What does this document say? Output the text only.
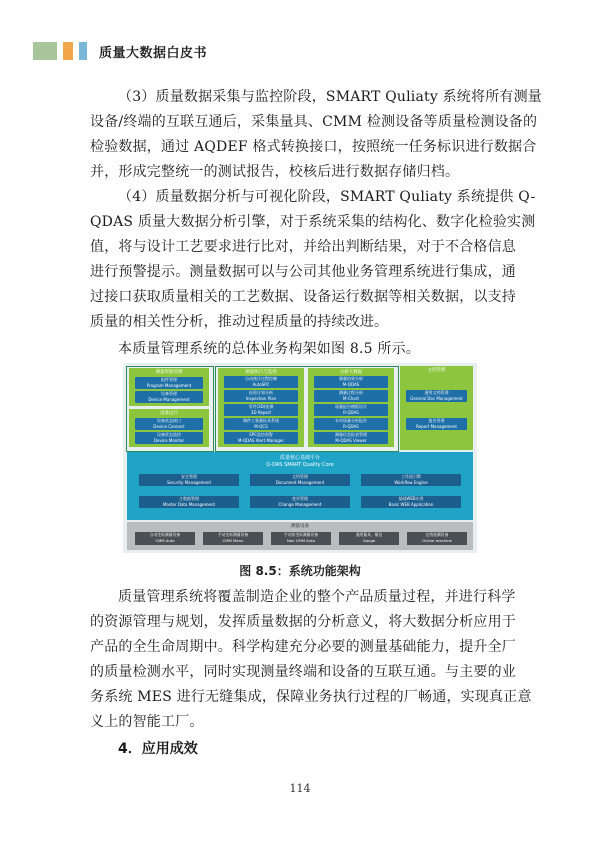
质量大数据白皮书
（3）质量数据采集与监控阶段，SMART Quliaty 系统将所有测量
设备/终端的互联互通后，采集量具、CMM 检测设备等质量检测设备的
检验数据，通过 AQDEF 格式转换接口，按照统一任务标识进行数据合
并，形成完整统一的测试报告，校核后进行数据存储归档。
（4）质量数据分析与可视化阶段，SMART Quliaty 系统提供 Q-
QDAS 质量大数据分析引擎，对于系统采集的结构化、数字化检验实测
值，将与设计工艺要求进行比对，并给出判断结果，对于不合格信息
进行预警提示。测量数据可以与公司其他业务管理系统进行集成，通
过接口获取质量相关的工艺数据、设备运行数据等相关数据，以支持
质量的相关性分析，推动过程质量的持续改进。
本质量管理系统的总体业务构架如图 8.5 所示。
测量资源管理
组件管理
Program Management
设备管理
Device Management
设备运行
设备状态接口
Device Connect
设备状态监控
Device Monitor
测量执行与监控
自动统计过程控制
AutoSPC
检验计划分析
Inspection Plan
零件(3D)检测
3D Report
制件工装量检具系统
M-QCS
SPC监控预警
M-QDAS Alert Manager
分析大数据
测量结果分析
M-QDAS
测量过程分析
M-Chart
质量报告模板设计
R-QDAS
专项质量分析报告
R-QDAS
测量信息报表管理
M-QDAS Viewer
文档管理
通用文档管理
General Doc Management
报告管理
Report Management
质量核心基础平台
Q-DAS SMART Quality Core
安全管理
Security Management
文档管理
Document Management
工作流引擎
Workflow Engine
主数据管理
Master Data Management
变更管理
Change Management
基础WEB应用
Basic WEB Application
测量设备
自动坐标测量设备
CMM Auto
手动坐标测量设备
CMM Manu
手动非坐标测量设备
Non CMM Auto
通用量具、量仪
Gauge
在线检测设备
Online machine
图 8.5：系统功能架构
质量管理系统将覆盖制造企业的整个产品质量过程，并进行科学
的资源管理与规划，发挥质量数据的分析意义，将大数据分析应用于
产品的全生命周期中。科学构建充分必要的测量基础能力，提升全厂
的质量检测水平，同时实现测量终端和设备的互联互通。与主要的业
务系统 MES 进行无缝集成，保障业务执行过程的厂畅通，实现真正意
义上的智能工厂。
4．应用成效
114
